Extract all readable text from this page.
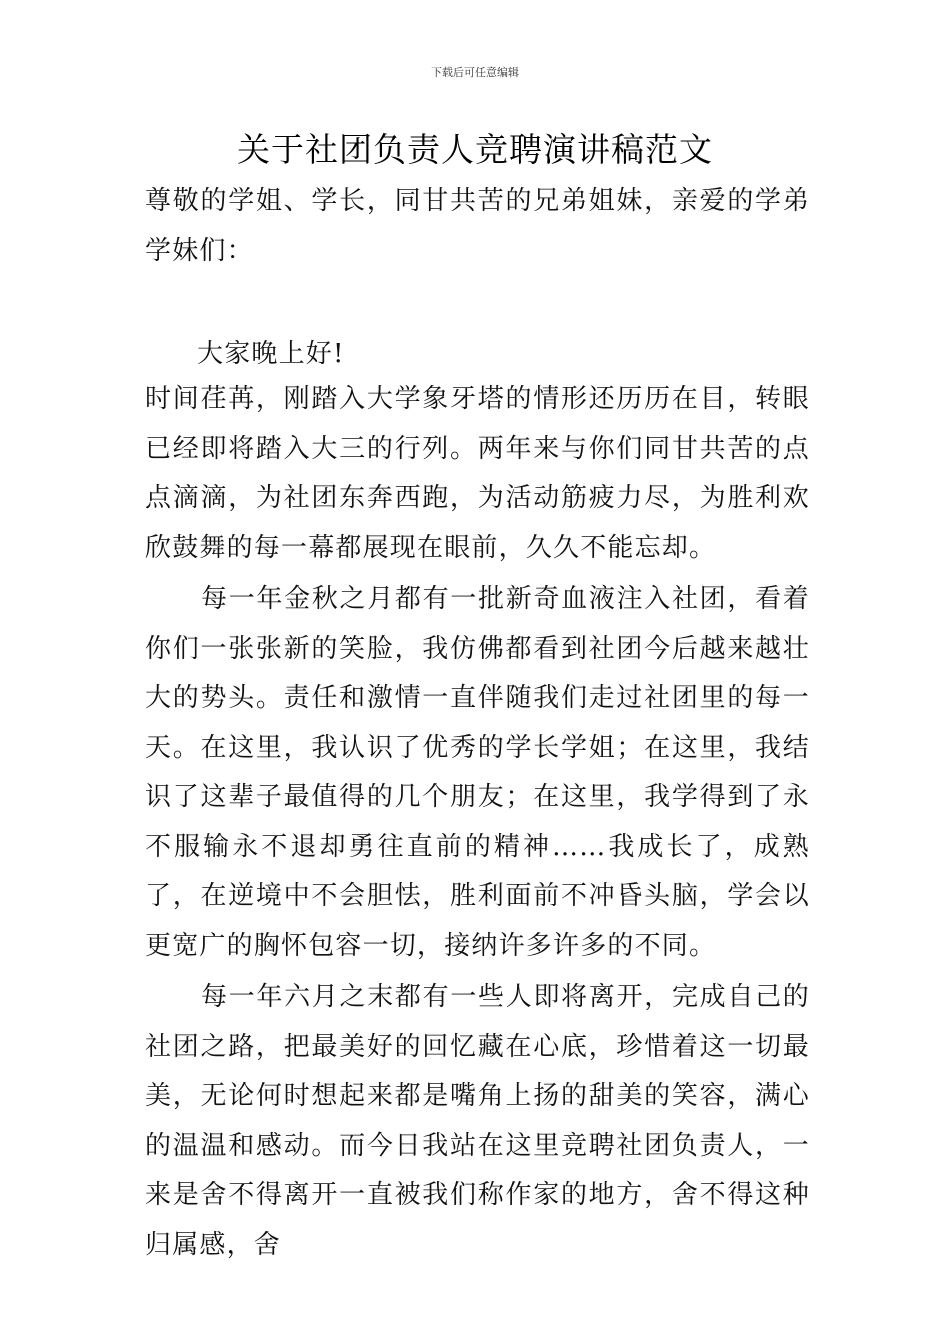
下载后可任意编辑
关于社团负责人竞聘演讲稿范文

尊敬的学姐、学长，同甘共苦的兄弟姐妹，亲爱的学弟学妹们：

大家晚上好!

时间荏苒，刚踏入大学象牙塔的情形还历历在目，转眼已经即将踏入大三的行列。两年来与你们同甘共苦的点点滴滴，为社团东奔西跑，为活动筋疲力尽，为胜利欢欣鼓舞的每一幕都展现在眼前，久久不能忘却。

每一年金秋之月都有一批新奇血液注入社团，看着你们一张张新的笑脸，我仿佛都看到社团今后越来越壮大的势头。责任和激情一直伴随我们走过社团里的每一天。在这里，我认识了优秀的学长学姐；在这里，我结识了这辈子最值得的几个朋友；在这里，我学得到了永不服输永不退却勇往直前的精神……我成长了，成熟了，在逆境中不会胆怯，胜利面前不冲昏头脑，学会以更宽广的胸怀包容一切，接纳许多许多的不同。

每一年六月之末都有一些人即将离开，完成自己的社团之路，把最美好的回忆藏在心底，珍惜着这一切最美，无论何时想起来都是嘴角上扬的甜美的笑容，满心的温温和感动。而今日我站在这里竞聘社团负责人，一来是舍不得离开一直被我们称作家的地方，舍不得这种归属感，舍
